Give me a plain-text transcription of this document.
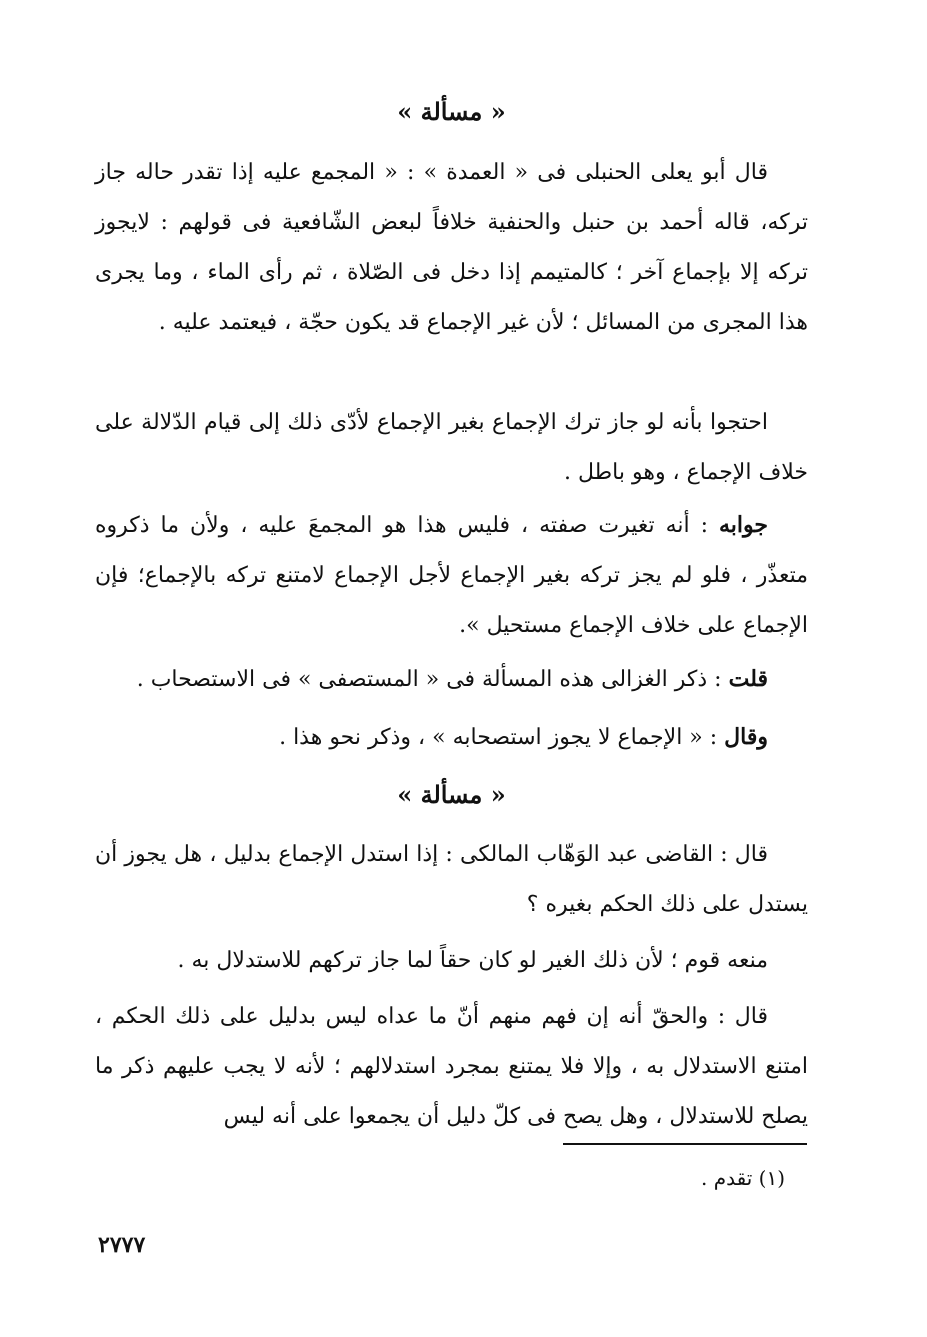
« مسألة »

قال أبو يعلى الحنبلى فى « العمدة » : « المجمع عليه إذا تقدر حاله جاز تركه، قاله أحمد بن حنبل والحنفية خلافاً لبعض الشّافعية فى قولهم : لايجوز تركه إلا بإجماع آخر ؛ كالمتيمم إذا دخل فى الصّلاة ، ثم رأى الماء ، وما يجرى هذا المجرى من المسائل ؛ لأن غير الإجماع قد يكون حجّة ، فيعتمد عليه .

احتجوا بأنه لو جاز ترك الإجماع بغير الإجماع لأدّى ذلك إلى قيام الدّلالة على خلاف الإجماع ، وهو باطل .

جوابه : أنه تغيرت صفته ، فليس هذا هو المجمعَ عليه ، ولأن ما ذكروه متعذّر ، فلو لم يجز تركه بغير الإجماع لأجل الإجماع لامتنع تركه بالإجماع؛ فإن الإجماع على خلاف الإجماع مستحيل ».

قلت : ذكر الغزالى هذه المسألة فى « المستصفى » فى الاستصحاب .

وقال : « الإجماع لا يجوز استصحابه » ، وذكر نحو هذا .

« مسألة »

قال : القاضى عبد الوَهّاب المالكى : إذا استدل الإجماع بدليل ، هل يجوز أن يستدل على ذلك الحكم بغيره ؟

منعه قوم ؛ لأن ذلك الغير لو كان حقاً لما جاز تركهم للاستدلال به .

قال : والحقّ أنه إن فهم منهم أنّ ما عداه ليس بدليل على ذلك الحكم ، امتنع الاستدلال به ، وإلا فلا يمتنع بمجرد استدلالهم ؛ لأنه لا يجب عليهم ذكر ما يصلح للاستدلال ، وهل يصح فى كلّ دليل أن يجمعوا على أنه ليس

(١) تقدم .
٢٧٧٧
